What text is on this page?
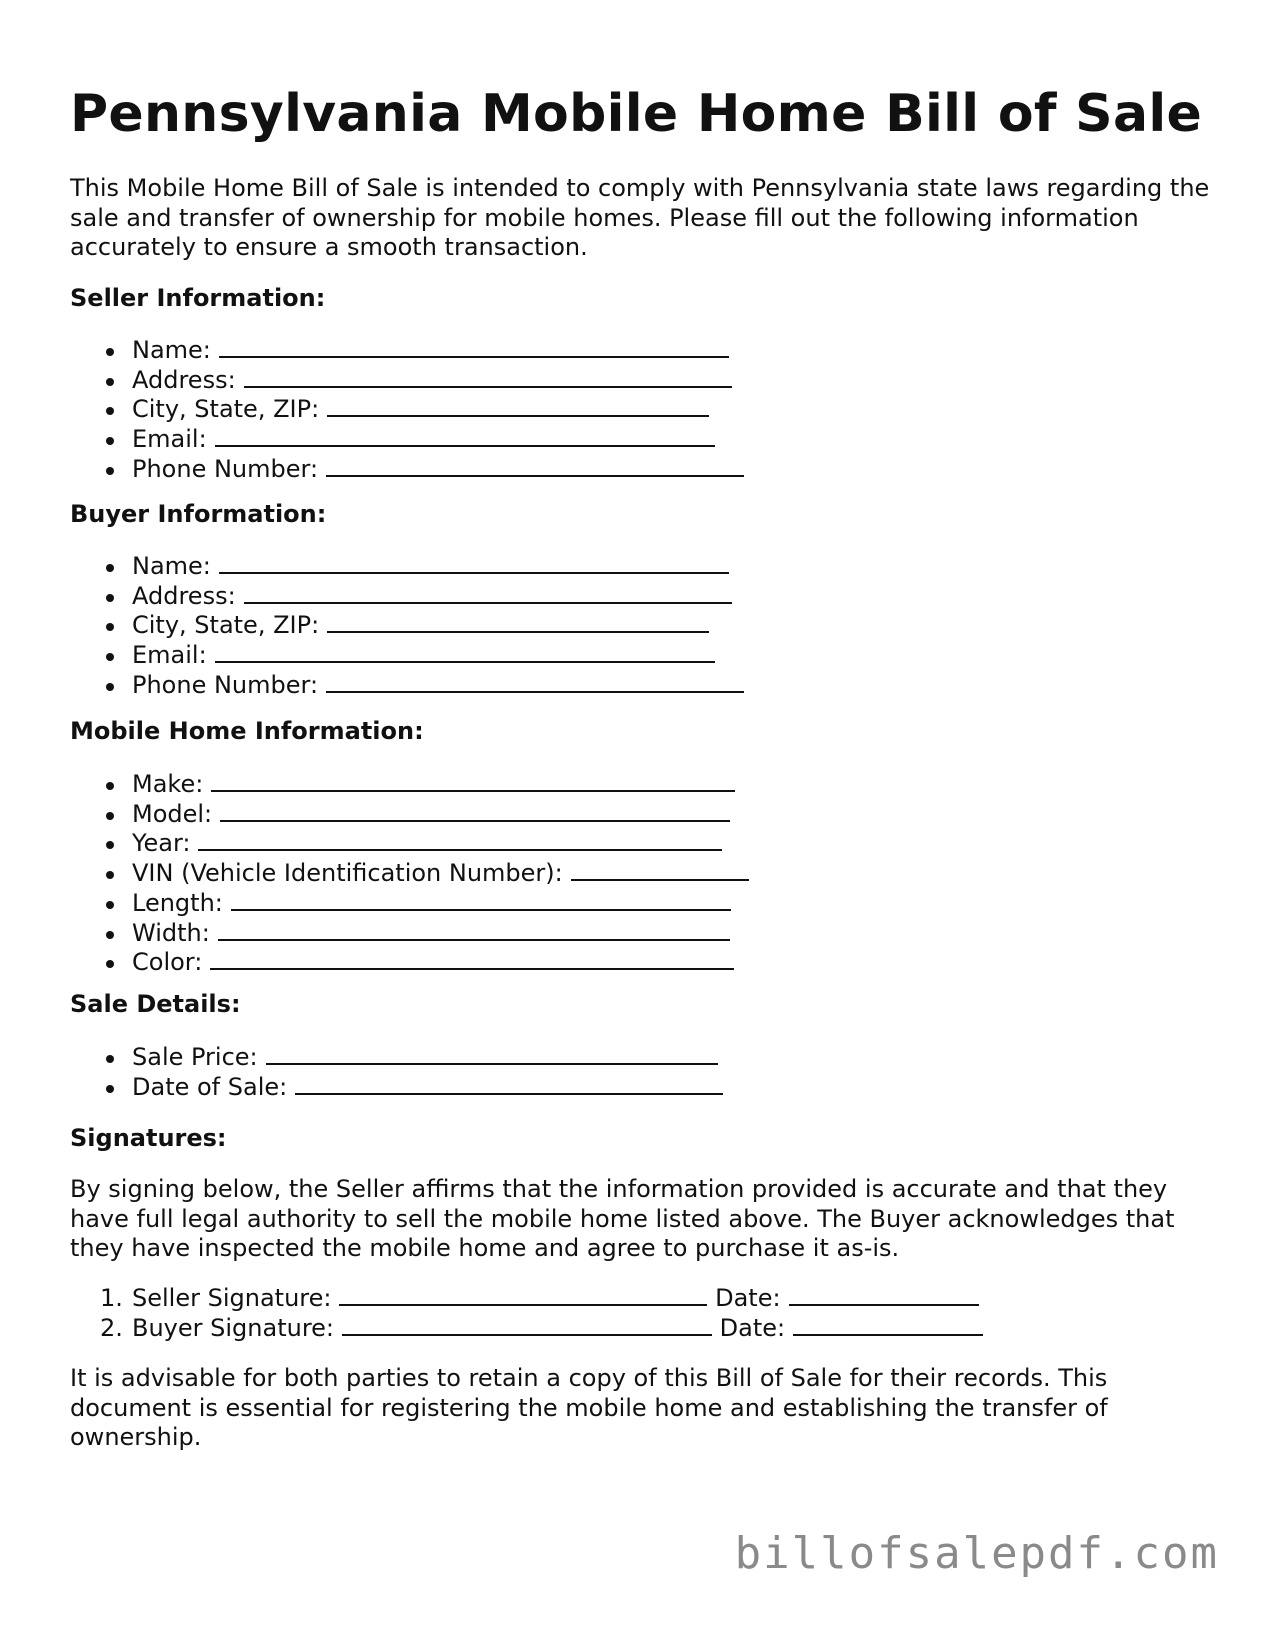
Pennsylvania Mobile Home Bill of Sale

This Mobile Home Bill of Sale is intended to comply with Pennsylvania state laws regarding the sale and transfer of ownership for mobile homes. Please fill out the following information accurately to ensure a smooth transaction.

Seller Information:
Name:
Address:
City, State, ZIP:
Email:
Phone Number:
Buyer Information:
Name:
Address:
City, State, ZIP:
Email:
Phone Number:
Mobile Home Information:
Make:
Model:
Year:
VIN (Vehicle Identification Number):
Length:
Width:
Color:
Sale Details:
Sale Price:
Date of Sale:
Signatures:

By signing below, the Seller affirms that the information provided is accurate and that they have full legal authority to sell the mobile home listed above. The Buyer acknowledges that they have inspected the mobile home and agree to purchase it as-is.

1. Seller Signature:	Date:
2. Buyer Signature:	Date:

It is advisable for both parties to retain a copy of this Bill of Sale for their records. This document is essential for registering the mobile home and establishing the transfer of ownership.

billofsalepdf.com
